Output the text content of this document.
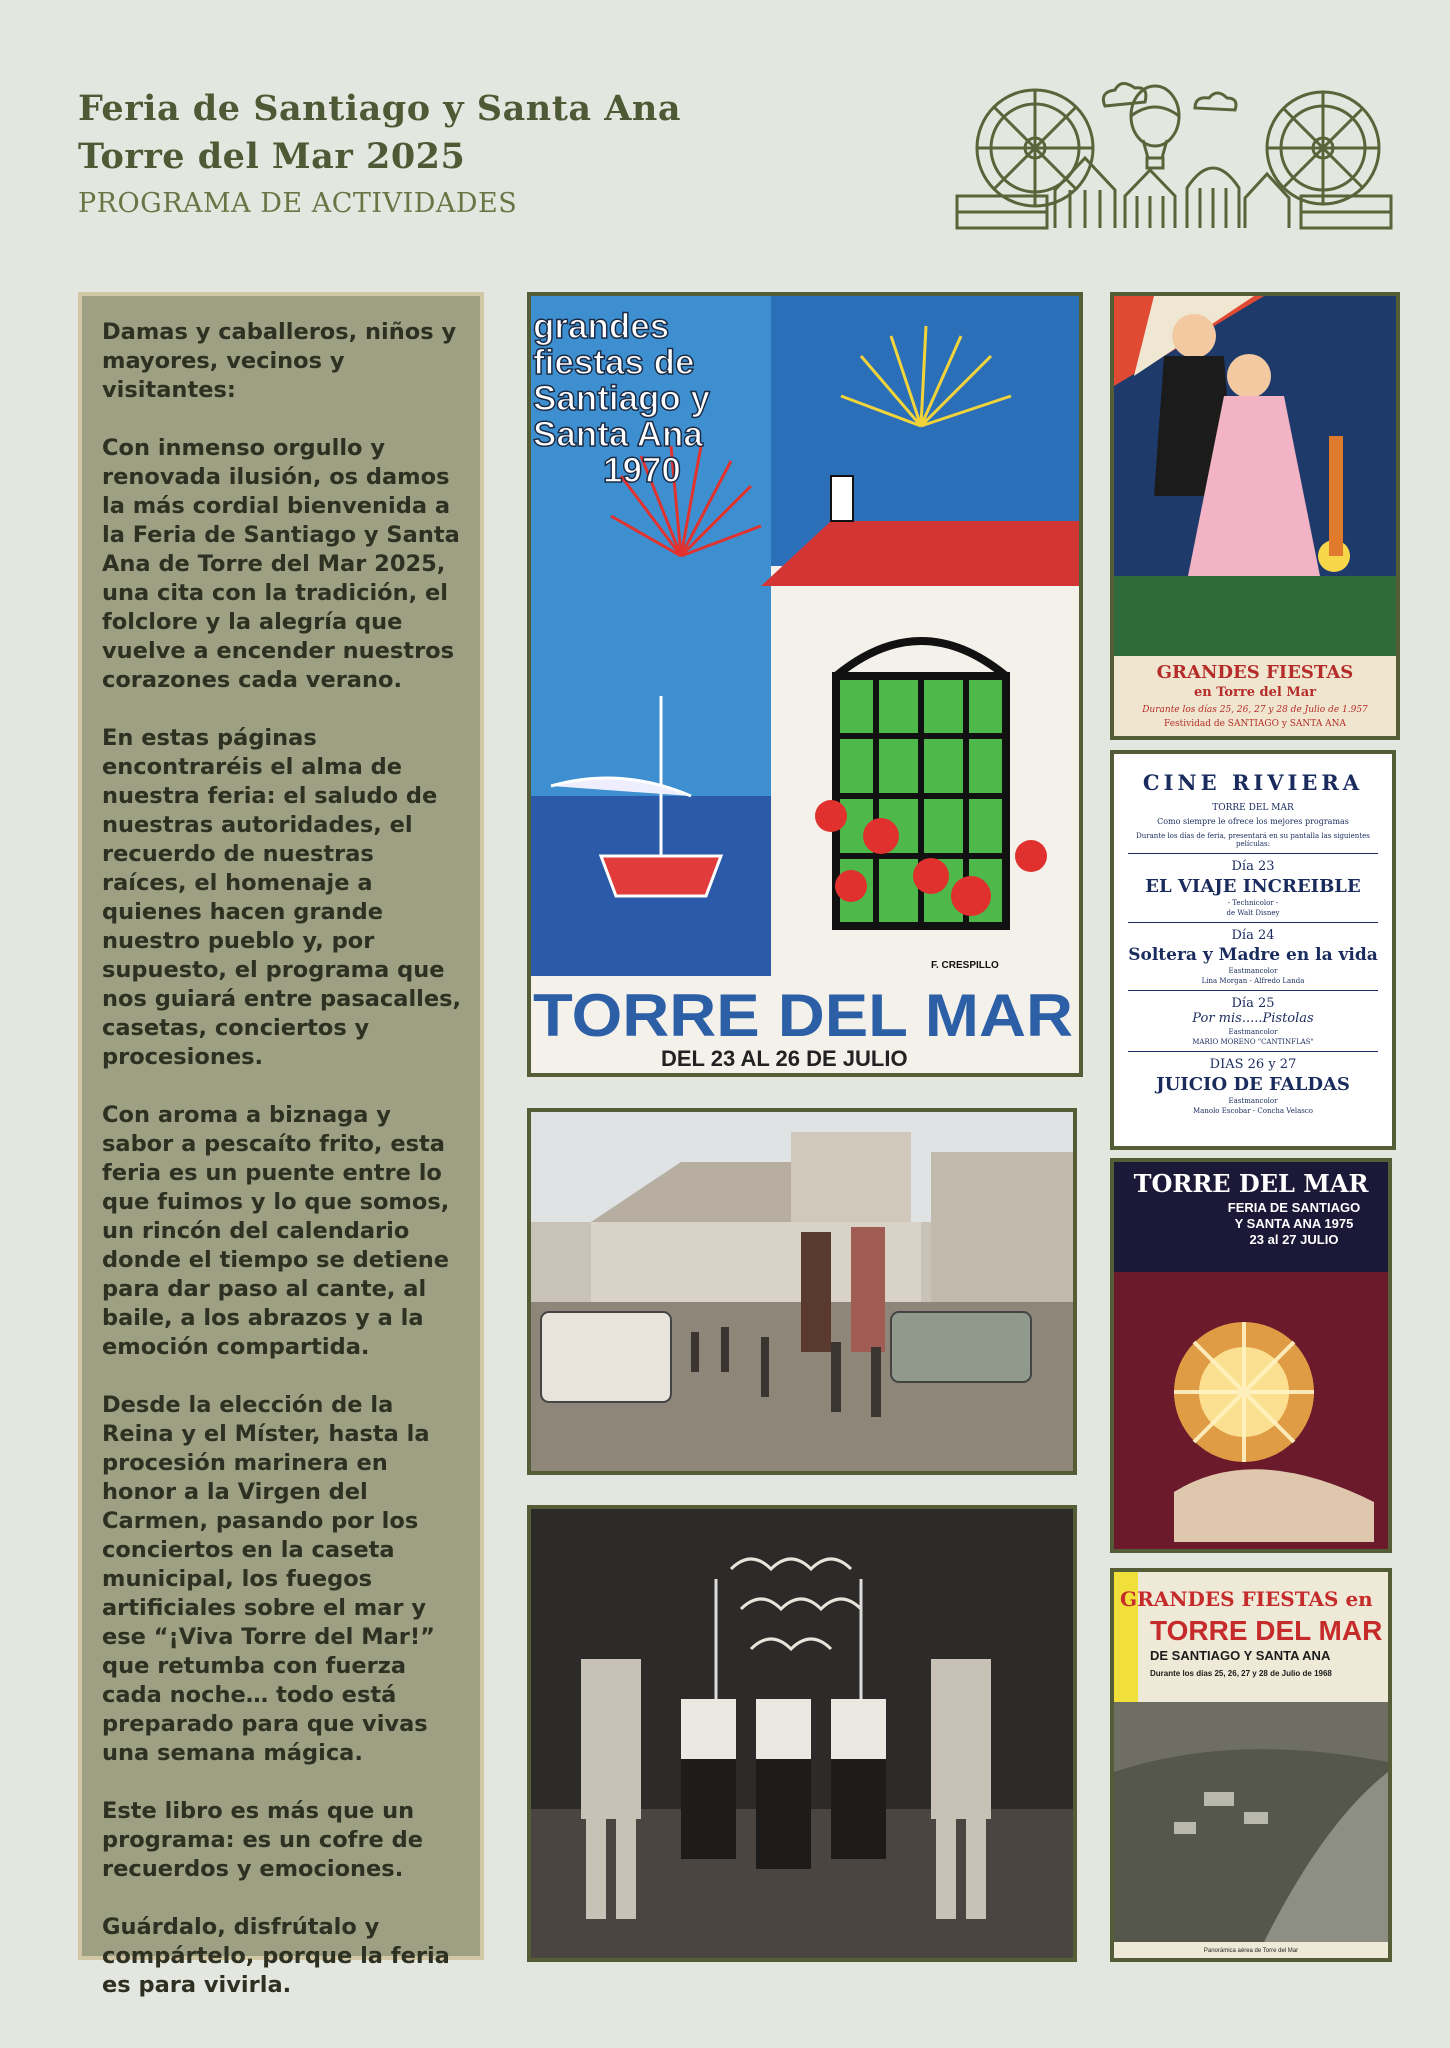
Feria de Santiago y Santa Ana
Torre del Mar 2025
PROGRAMA DE ACTIVIDADES

Damas y caballeros, niños y mayores, vecinos y visitantes:

Con inmenso orgullo y renovada ilusión, os damos la más cordial bienvenida a la Feria de Santiago y Santa Ana de Torre del Mar 2025, una cita con la tradición, el folclore y la alegría que vuelve a encender nuestros corazones cada verano.

En estas páginas encontraréis el alma de nuestra feria: el saludo de nuestras autoridades, el recuerdo de nuestras raíces, el homenaje a quienes hacen grande nuestro pueblo y, por supuesto, el programa que nos guiará entre pasacalles, casetas, conciertos y procesiones.

Con aroma a biznaga y sabor a pescaíto frito, esta feria es un puente entre lo que fuimos y lo que somos, un rincón del calendario donde el tiempo se detiene para dar paso al cante, al baile, a los abrazos y a la emoción compartida.

Desde la elección de la Reina y el Míster, hasta la procesión marinera en honor a la Virgen del Carmen, pasando por los conciertos en la caseta municipal, los fuegos artificiales sobre el mar y ese “¡Viva Torre del Mar!” que retumba con fuerza cada noche… todo está preparado para que vivas una semana mágica.

Este libro es más que un programa: es un cofre de recuerdos y emociones.

Guárdalo, disfrútalo y compártelo, porque la feria es para vivirla.

grandes
fiestas de
Santiago y
Santa Ana
1970
F. CRESPILLO
TORRE DEL MAR
DEL 23 AL 26 DE JULIO
GRANDES FIESTAS
en Torre del Mar
Durante los días 25, 26, 27 y 28 de Julio de 1.957
Festividad de SANTIAGO y SANTA ANA
CINE RIVIERA
TORRE DEL MAR
Como siempre le ofrece los mejores programas
Durante los días de feria, presentará en su pantalla las siguientes películas:
Día 23
EL VIAJE INCREIBLE
- Technicolor -
de Walt Disney
Día 24
Soltera y Madre en la vida
Eastmancolor
Lina Morgan - Alfredo Landa
Día 25
Por mis.....Pistolas
Eastmancolor
MARIO MORENO "CANTINFLAS"
DIAS 26 y 27
JUICIO DE FALDAS
Eastmancolor
Manolo Escobar - Concha Velasco
TORRE DEL MAR
FERIA DE SANTIAGO
Y SANTA ANA 1975
23 al 27 JULIO
GRANDES FIESTAS en
TORRE DEL MAR
DE SANTIAGO Y SANTA ANA
Durante los días 25, 26, 27 y 28 de Julio de 1968
Panorámica aérea de Torre del Mar
